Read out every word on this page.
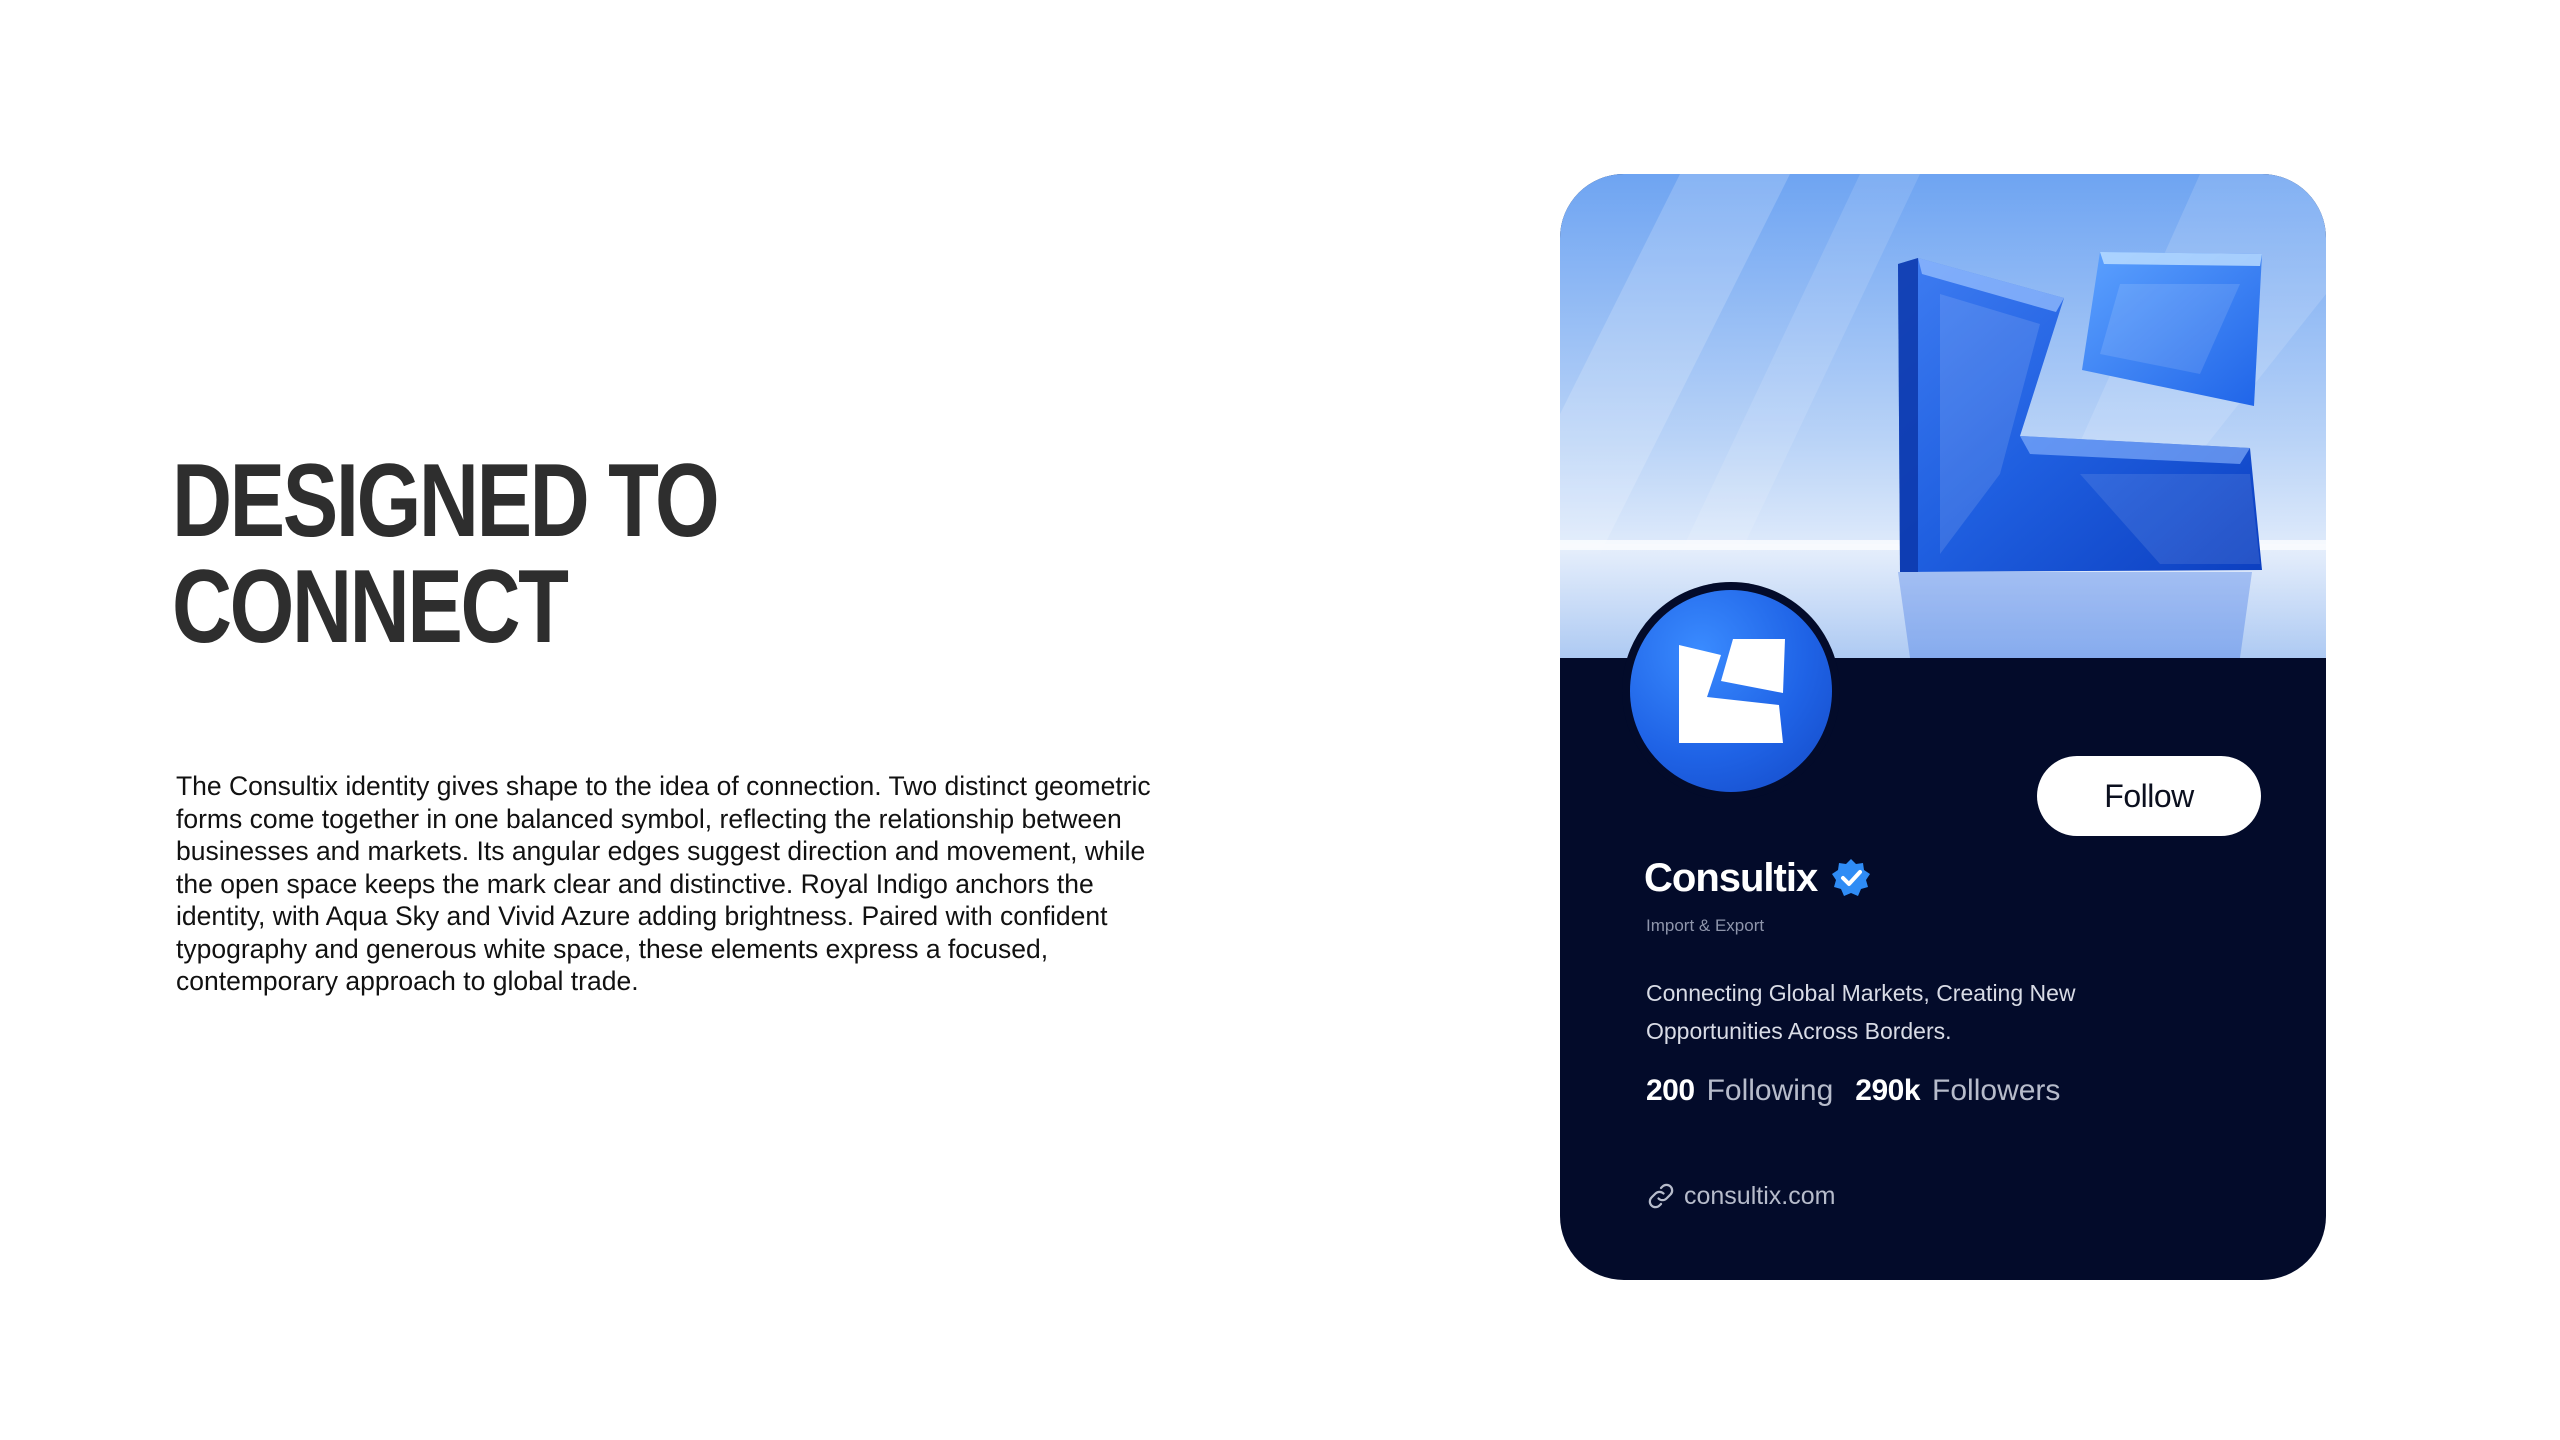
DESIGNED TO
CONNECT

The Consultix identity gives shape to the idea of connection. Two distinct geometric forms come together in one balanced symbol, reflecting the relationship between businesses and markets. Its angular edges suggest direction and movement, while the open space keeps the mark clear and distinctive. Royal Indigo anchors the identity, with Aqua Sky and Vivid Azure adding brightness. Paired with confident typography and generous white space, these elements express a focused, contemporary approach to global trade.

Follow
Consultix
Import & Export
Connecting Global Markets, Creating New Opportunities Across Borders.
200 Following 290k Followers
consultix.com
